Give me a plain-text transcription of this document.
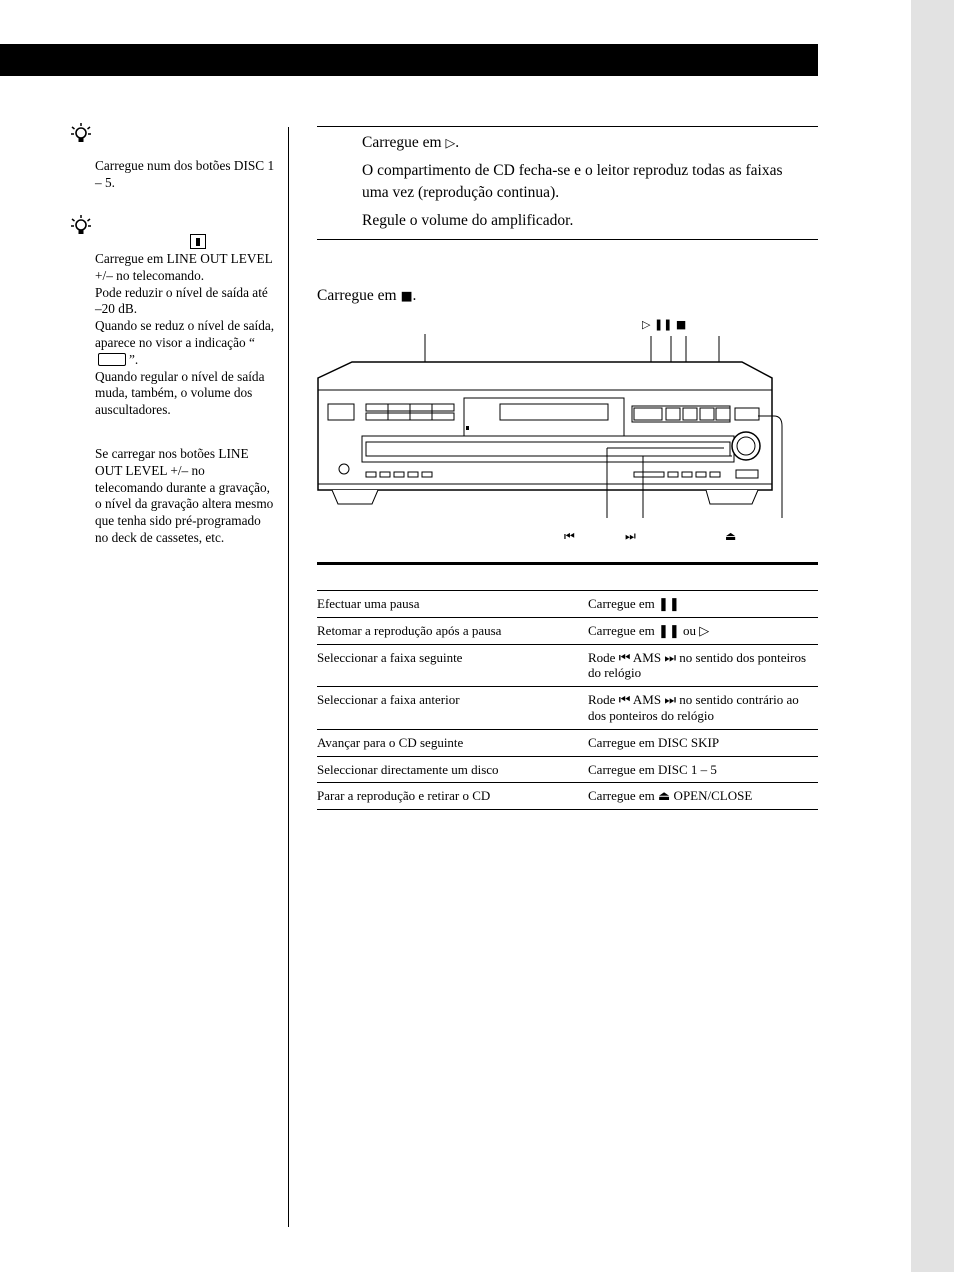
Carregue num dos botões DISC 1 – 5.

Carregue em LINE OUT LEVEL +/– no telecomando.

Pode reduzir o nível de saída até –20 dB.

Quando se reduz o nível de saída, aparece no visor a indicação “”.

Quando regular o nível de saída muda, também, o volume dos auscultadores.

Se carregar nos botões LINE OUT LEVEL +/– no telecomando durante a gravação, o nível da gravação altera mesmo que tenha sido pré-programado no deck de cassetes, etc.

Carregue em ▷.

O compartimento de CD fecha-se e o leitor reproduz todas as faixas uma vez (reprodução continua).

Regule o volume do amplificador.

Carregue em ■.
▷ ❚❚ ■
⏮	⏭	⏏
Efectuar uma pausa	Carregue em ❚❚
Retomar a reprodução após a pausa	Carregue em ❚❚ ou ▷
Seleccionar a faixa seguinte	Rode ⏮ AMS ⏭ no sentido dos ponteiros do relógio
Seleccionar a faixa anterior	Rode ⏮ AMS ⏭ no sentido contrário ao dos ponteiros do relógio
Avançar para o CD seguinte	Carregue em DISC SKIP
Seleccionar directamente um disco	Carregue em DISC 1 – 5
Parar a reprodução e retirar o CD	Carregue em ⏏ OPEN/CLOSE
